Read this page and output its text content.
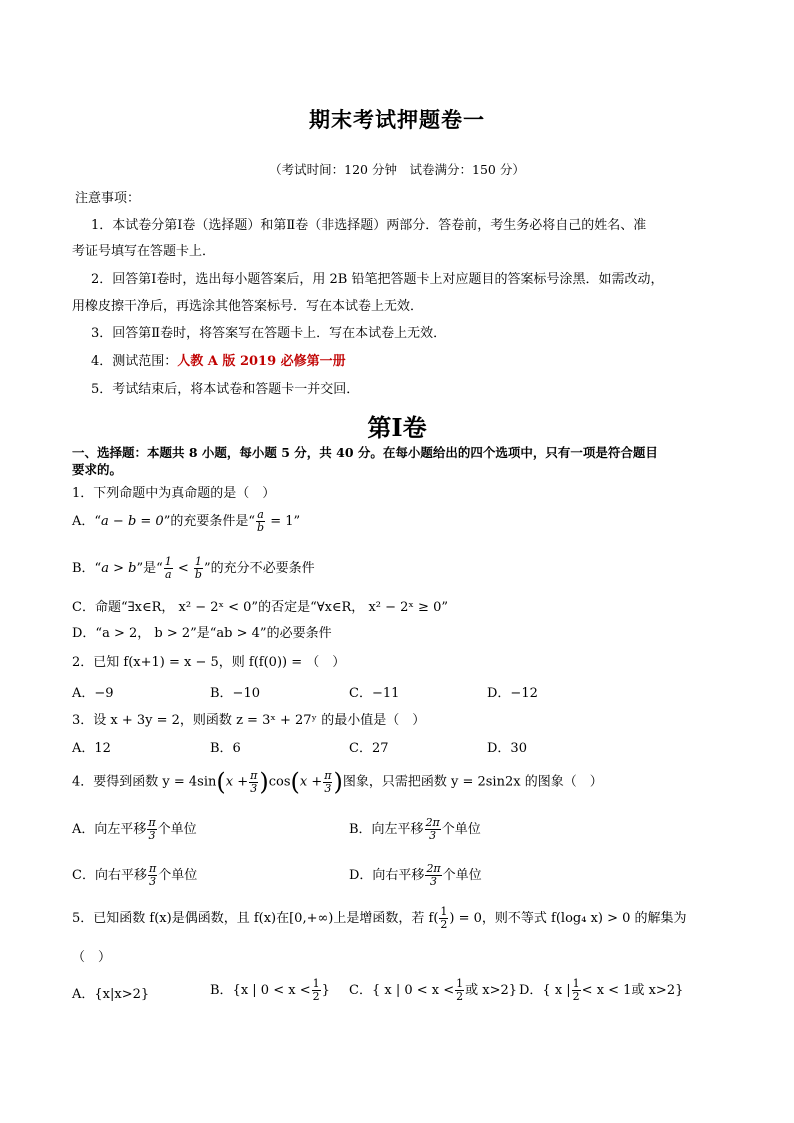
期末考试押题卷一
（考试时间：120 分钟　试卷满分：150 分）
注意事项：
1．本试卷分第Ⅰ卷（选择题）和第Ⅱ卷（非选择题）两部分．答卷前，考生务必将自己的姓名、准
考证号填写在答题卡上．
2．回答第Ⅰ卷时，选出每小题答案后，用 2B 铅笔把答题卡上对应题目的答案标号涂黑．如需改动，
用橡皮擦干净后，再选涂其他答案标号．写在本试卷上无效．
3．回答第Ⅱ卷时，将答案写在答题卡上．写在本试卷上无效．
4．测试范围：人教 A 版 2019 必修第一册
5．考试结束后，将本试卷和答题卡一并交回．
第Ⅰ卷
一、选择题：本题共 8 小题，每小题 5 分，共 40 分。在每小题给出的四个选项中，只有一项是符合题目
要求的。
1．下列命题中为真命题的是（　）
A．“a − b = 0”的充要条件是“ $\frac{a}{b} = 1$”
B．“a > b”是“ $\frac{1}{a} < \frac{1}{b}$ ”的充分不必要条件
C．命题“∃x∈R， x² − 2ˣ < 0”的否定是“∀x∈R， x² − 2ˣ ≥ 0”
D．“a > 2， b > 2”是“ab > 4”的必要条件
2．已知 f(x+1) = x − 5，则 f(f(0)) = （　）
A．−9	B．−10	C．−11	D．−12
3．设 x + 3y = 2，则函数 z = 3ˣ + 27ʸ 的最小值是（　）
A．12	B．6	C．27	D．30
4．要得到函数 $y = 4\sin(x + \frac{\pi}{3} )\cos(x + \frac{\pi}{3}$ )图象，只需把函数 y = 2sin2x 的图象（　）
A．向左平移 $\frac{\pi}{3}$ 个单位	B．向左平移 $\frac{2\pi}{3}$ 个单位
C．向右平移 $\frac{\pi}{3}$ 个单位	D．向右平移 $\frac{2\pi}{3}$ 个单位
5．已知函数 f(x)是偶函数，且 f(x)在[0,+∞)上是增函数，若 $f( \frac{1}{2}$ ) = 0，则不等式 f(log₄ x) > 0 的解集为
（　）
A．{x|x>2}	B．{x | $0 < x < \frac{1}{2}$ } C．{ x | $0 < x < \frac{1}{2}$ 或 x>2} D．{ x | $\frac{1}{2} < x < 1$或 x>2}
